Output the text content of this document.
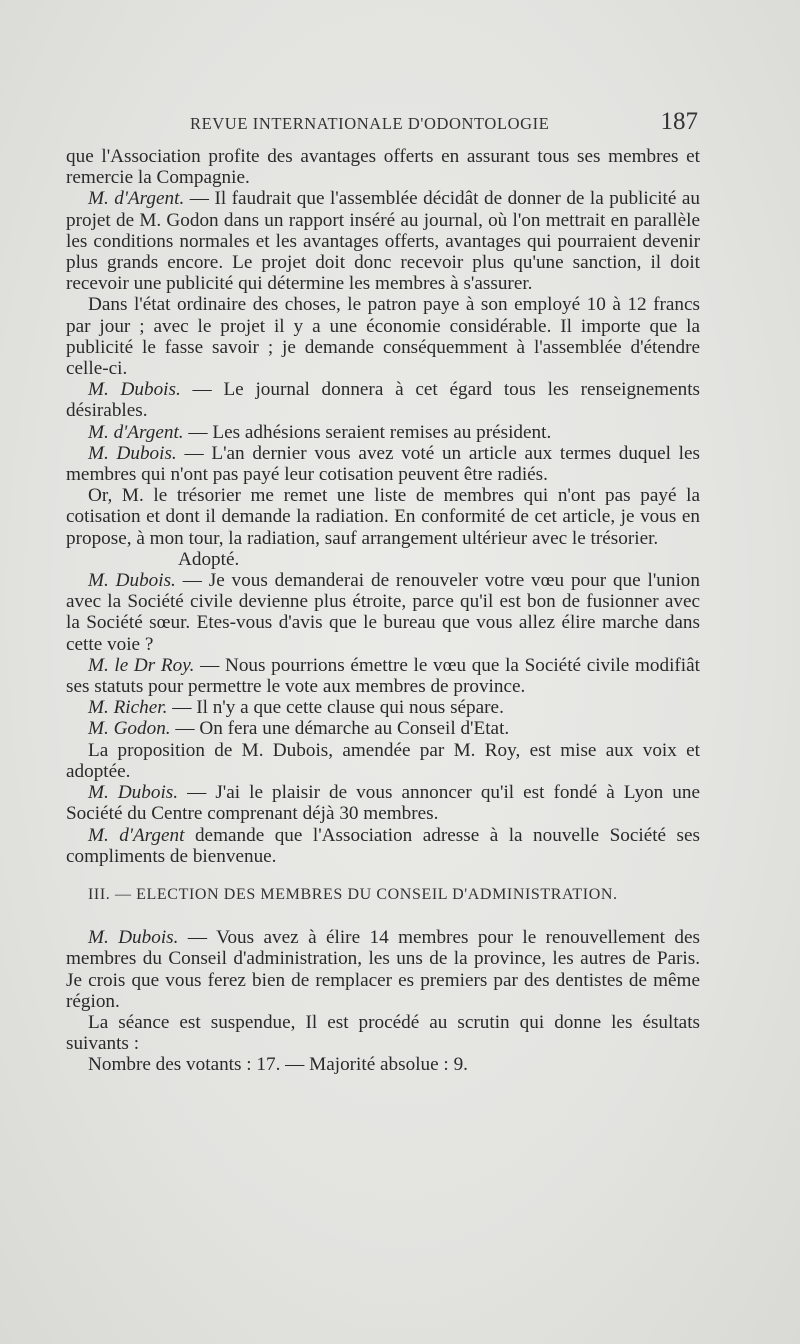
REVUE INTERNATIONALE D'ODONTOLOGIE	187

que l'Association profite des avantages offerts en assurant tous ses membres et remercie la Compagnie.

M. d'Argent. — Il faudrait que l'assemblée décidât de donner de la publicité au projet de M. Godon dans un rapport inséré au journal, où l'on mettrait en parallèle les conditions normales et les avantages offerts, avantages qui pourraient devenir plus grands encore. Le projet doit donc recevoir plus qu'une sanction, il doit recevoir une publicité qui détermine les membres à s'assurer.

Dans l'état ordinaire des choses, le patron paye à son employé 10 à 12 francs par jour ; avec le projet il y a une économie considérable. Il importe que la publicité le fasse savoir ; je demande conséquemment à l'assemblée d'étendre celle-ci.

M. Dubois. — Le journal donnera à cet égard tous les renseignements désirables.

M. d'Argent. — Les adhésions seraient remises au président.

M. Dubois. — L'an dernier vous avez voté un article aux termes duquel les membres qui n'ont pas payé leur cotisation peuvent être radiés.

Or, M. le trésorier me remet une liste de membres qui n'ont pas payé la cotisation et dont il demande la radiation. En conformité de cet article, je vous en propose, à mon tour, la radiation, sauf arrangement ultérieur avec le trésorier.

Adopté.

M. Dubois. — Je vous demanderai de renouveler votre vœu pour que l'union avec la Société civile devienne plus étroite, parce qu'il est bon de fusionner avec la Société sœur. Etes-vous d'avis que le bureau que vous allez élire marche dans cette voie ?

M. le Dr Roy. — Nous pourrions émettre le vœu que la Société civile modifiât ses statuts pour permettre le vote aux membres de province.

M. Richer. — Il n'y a que cette clause qui nous sépare.

M. Godon. — On fera une démarche au Conseil d'Etat.

La proposition de M. Dubois, amendée par M. Roy, est mise aux voix et adoptée.

M. Dubois. — J'ai le plaisir de vous annoncer qu'il est fondé à Lyon une Société du Centre comprenant déjà 30 membres.

M. d'Argent demande que l'Association adresse à la nouvelle Société ses compliments de bienvenue.

III. — ELECTION DES MEMBRES DU CONSEIL D'ADMINISTRATION.

M. Dubois. — Vous avez à élire 14 membres pour le renouvellement des membres du Conseil d'administration, les uns de la province, les autres de Paris. Je crois que vous ferez bien de remplacer es premiers par des dentistes de même région.

La séance est suspendue, Il est procédé au scrutin qui donne les ésultats suivants :

Nombre des votants : 17. — Majorité absolue : 9.
